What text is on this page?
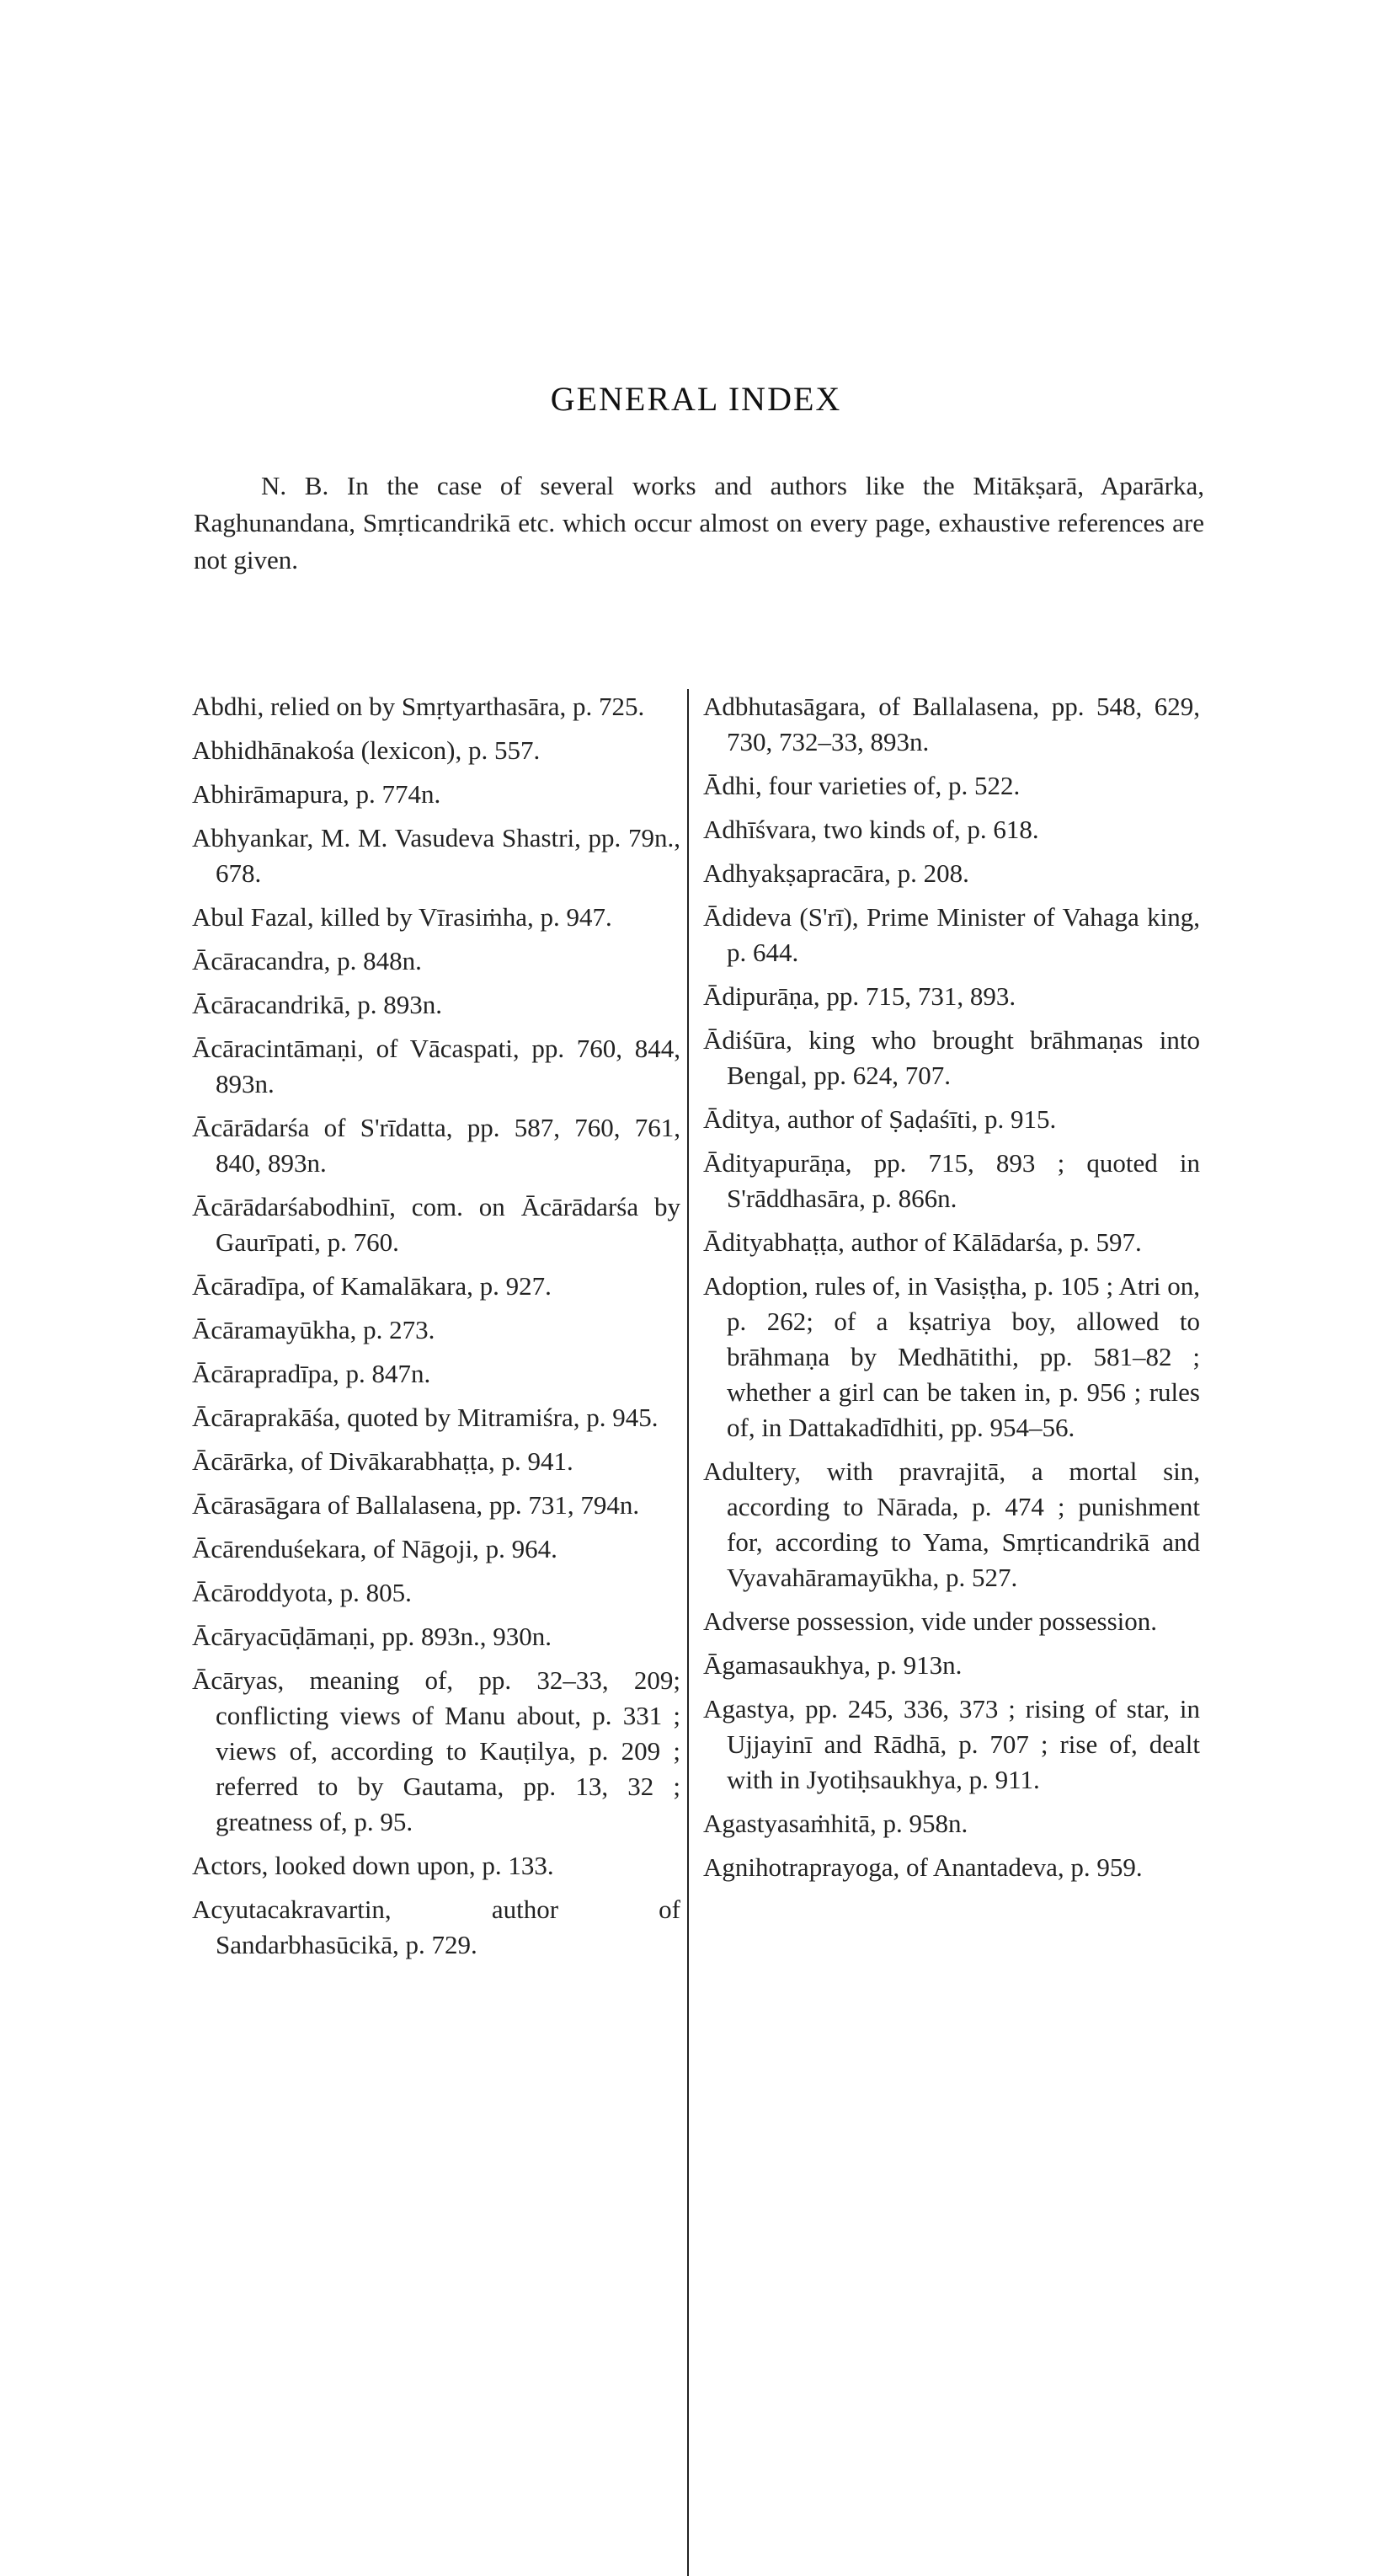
GENERAL INDEX
N. B. In the case of several works and authors like the Mitākṣarā, Aparārka, Raghunandana, Smṛticandrikā etc. which occur almost on every page, exhaustive references are not given.
Abdhi, relied on by Smṛtyarthasāra, p. 725.
Abhidhānakośa (lexicon), p. 557.
Abhirāmapura, p. 774n.
Abhyankar, M. M. Vasudeva Shastri, pp. 79n., 678.
Abul Fazal, killed by Vīrasiṁha, p. 947.
Ācāracandra, p. 848n.
Ācāracandrikā, p. 893n.
Ācāracintāmaṇi, of Vācaspati, pp. 760, 844, 893n.
Ācārādarśa of S'rīdatta, pp. 587, 760, 761, 840, 893n.
Ācārādarśabodhinī, com. on Ācārādarśa by Gaurīpati, p. 760.
Ācāradīpa, of Kamalākara, p. 927.
Ācāramayūkha, p. 273.
Ācārapradīpa, p. 847n.
Ācāraprakāśa, quoted by Mitramiśra, p. 945.
Ācārārka, of Divākarabhaṭṭa, p. 941.
Ācārasāgara of Ballalasena, pp. 731, 794n.
Ācārenduśekara, of Nāgoji, p. 964.
Ācāroddyota, p. 805.
Ācāryacūḍāmaṇi, pp. 893n., 930n.
Ācāryas, meaning of, pp. 32–33, 209; conflicting views of Manu about, p. 331 ; views of, according to Kauṭilya, p. 209 ; referred to by Gautama, pp. 13, 32 ; greatness of, p. 95.
Actors, looked down upon, p. 133.
Acyutacakravartin, author of Sandarbhasūcikā, p. 729.
Adbhutasāgara, of Ballalasena, pp. 548, 629, 730, 732–33, 893n.
Ādhi, four varieties of, p. 522.
Adhīśvara, two kinds of, p. 618.
Adhyakṣapracāra, p. 208.
Ādideva (S'rī), Prime Minister of Vahaga king, p. 644.
Ādipurāṇa, pp. 715, 731, 893.
Ādiśūra, king who brought brāhmaṇas into Bengal, pp. 624, 707.
Āditya, author of Ṣaḍaśīti, p. 915.
Ādityapurāṇa, pp. 715, 893 ; quoted in S'rāddhasāra, p. 866n.
Ādityabhaṭṭa, author of Kālādarśa, p. 597.
Adoption, rules of, in Vasiṣṭha, p. 105 ; Atri on, p. 262; of a kṣatriya boy, allowed to brāhmaṇa by Medhātithi, pp. 581–82 ; whether a girl can be taken in, p. 956 ; rules of, in Dattakadīdhiti, pp. 954–56.
Adultery, with pravrajitā, a mortal sin, according to Nārada, p. 474 ; punishment for, according to Yama, Smṛticandrikā and Vyavahāramayūkha, p. 527.
Adverse possession, vide under possession.
Āgamasaukhya, p. 913n.
Agastya, pp. 245, 336, 373 ; rising of star, in Ujjayinī and Rādhā, p. 707 ; rise of, dealt with in Jyotiḥsaukhya, p. 911.
Agastyasaṁhitā, p. 958n.
Agnihotraprayoga, of Anantadeva, p. 959.
